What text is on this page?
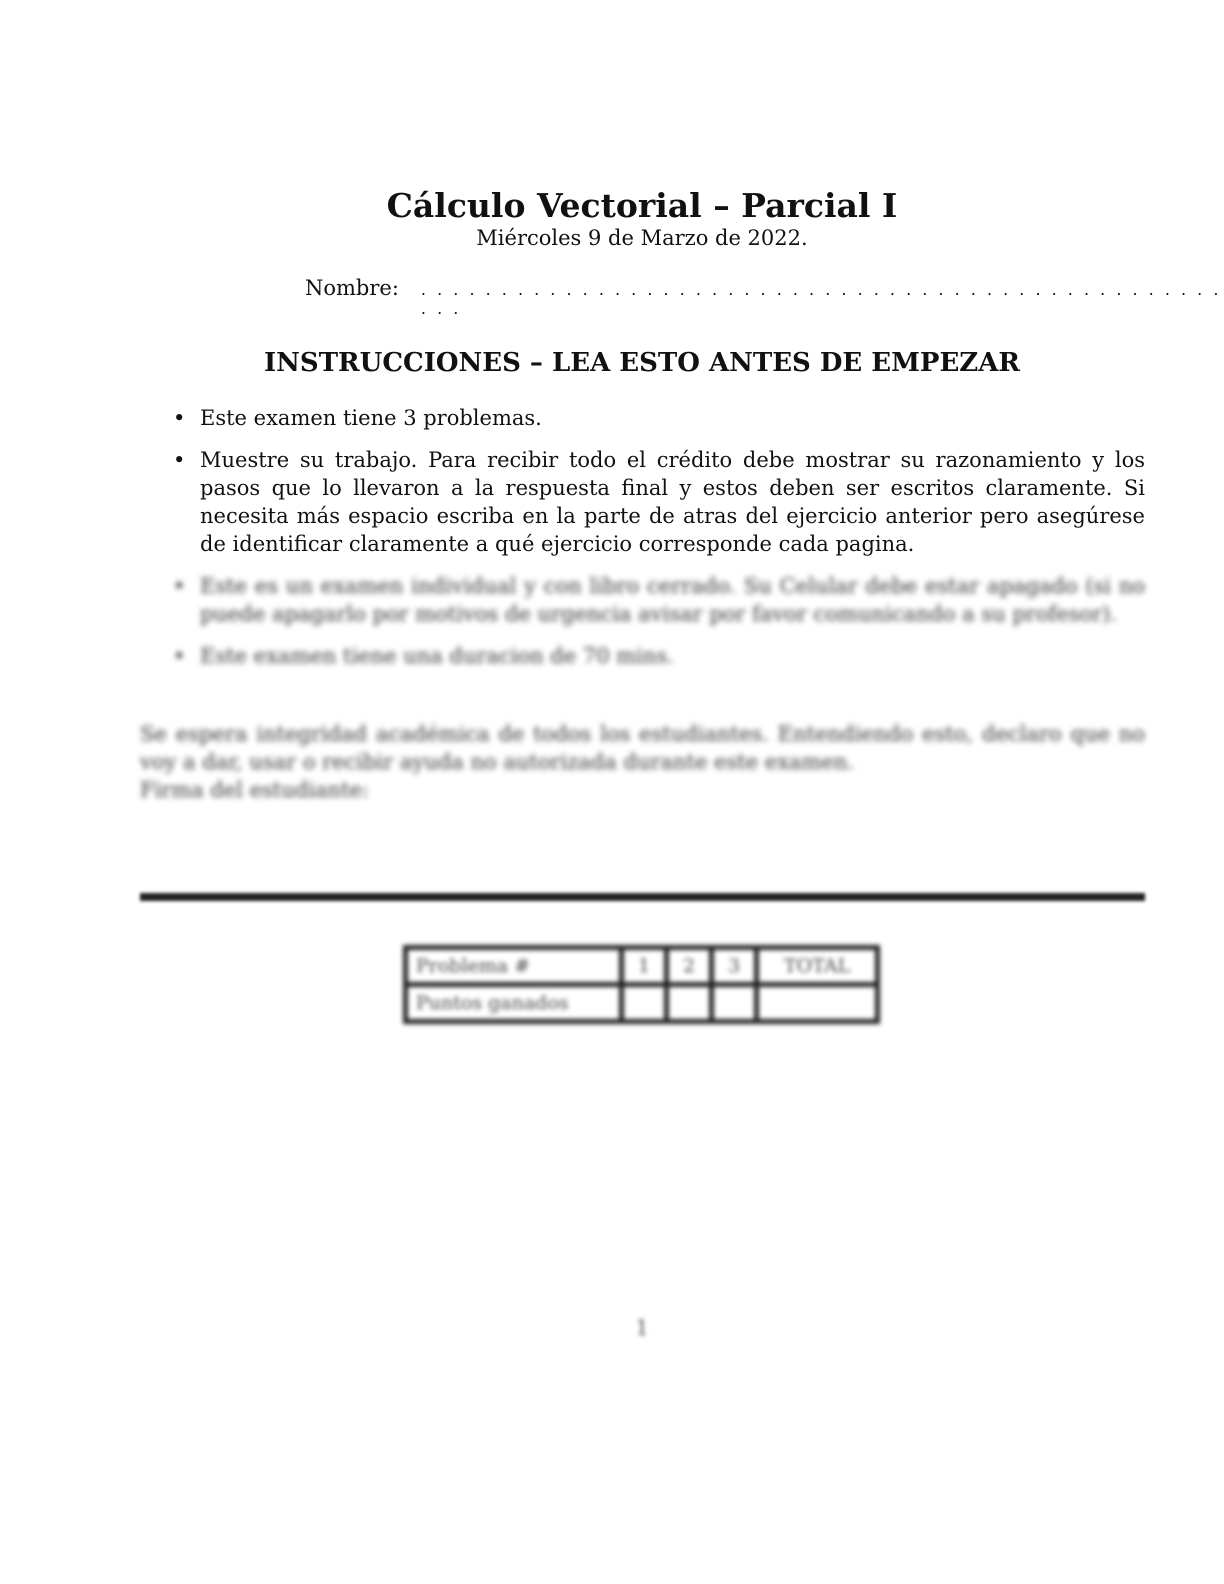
Cálculo Vectorial – Parcial I
Miércoles 9 de Marzo de 2022.
Nombre: . . . . . . . . . . . . . . . . . . . . . . . . . . . . . . . . . . . . . . . . . . . . . . . . . . . . .
INSTRUCCIONES – LEA ESTO ANTES DE EMPEZAR
• Este examen tiene 3 problemas.
• Muestre su trabajo. Para recibir todo el crédito debe mostrar su razonamiento y los pasos que lo llevaron a la respuesta final y estos deben ser escritos claramente. Si necesita más espacio escriba en la parte de atras del ejercicio anterior pero asegúrese de identificar claramente a qué ejercicio corresponde cada pagina.
• Este es un examen individual y con libro cerrado. Su Celular debe estar apagado (si no puede apagarlo por motivos de urgencia avisar por favor comunicando a su profesor).
• Este examen tiene una duracion de 70 mins.

Se espera integridad académica de todos los estudiantes. Entendiendo esto, declaro que no voy a dar, usar o recibir ayuda no autorizada durante este examen.

Firma del estudiante:

Problema #	1	2	3	TOTAL
Puntos ganados				
1
